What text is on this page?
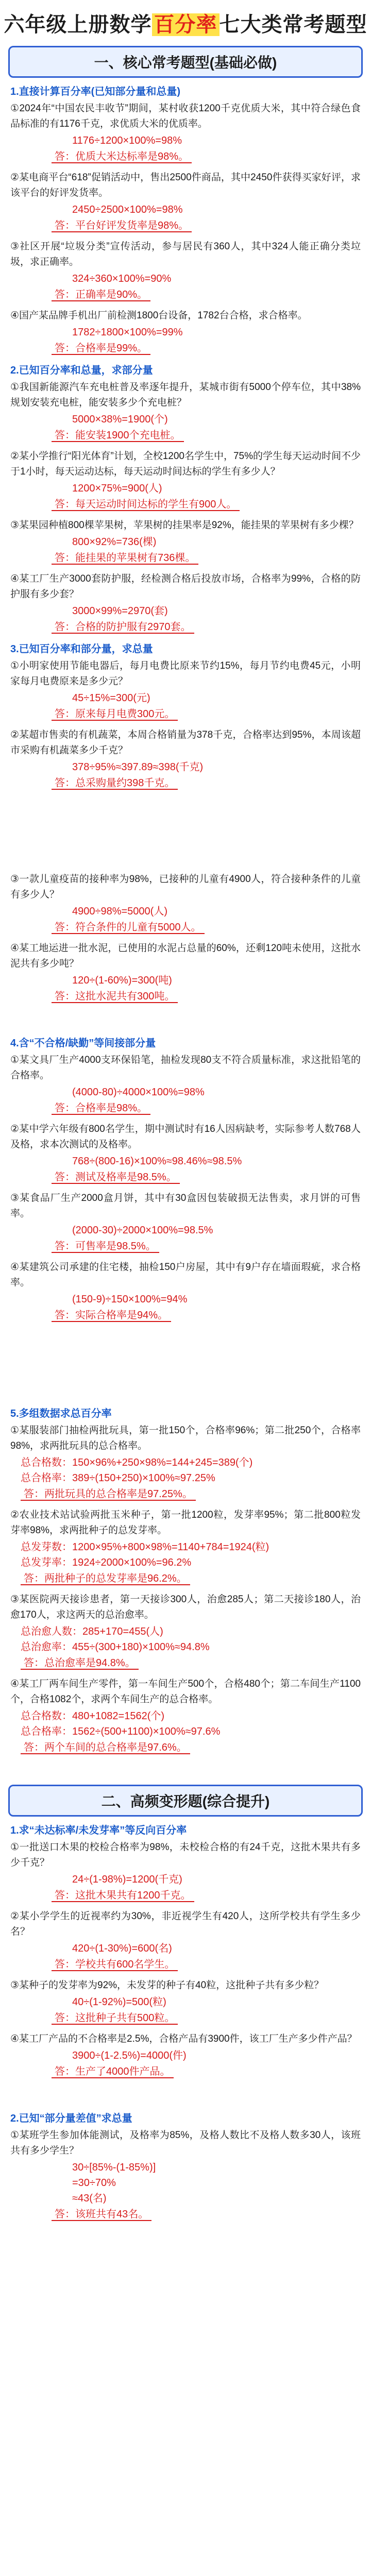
六年级上册数学 百分率 七大类常考题型
一、核心常考题型(基础必做)
1.直接计算百分率(已知部分量和总量)
①2024年“中国农民丰收节”期间，某村收获1200千克优质大米，其中符合绿色食品标准的有1176千克，求优质大米的优质率。
1176÷1200×100%=98%
答：优质大米达标率是98%。
②某电商平台“618”促销活动中，售出2500件商品，其中2450件获得买家好评，求该平台的好评发货率。
2450÷2500×100%=98%
答：平台好评发货率是98%。
③社区开展“垃圾分类”宣传活动，参与居民有360人，其中324人能正确分类垃圾，求正确率。
324÷360×100%=90%
答：正确率是90%。
④国产某品牌手机出厂前检测1800台设备，1782台合格，求合格率。
1782÷1800×100%=99%
答：合格率是99%。
2.已知百分率和总量，求部分量
①我国新能源汽车充电桩普及率逐年提升，某城市街有5000个停车位，其中38%规划安装充电桩，能安装多少个充电桩？
5000×38%=1900(个)
答：能安装1900个充电桩。
②某小学推行“阳光体育”计划，全校1200名学生中，75%的学生每天运动时间不少于1小时，每天运动达标，每天运动时间达标的学生有多少人？
1200×75%=900(人)
答：每天运动时间达标的学生有900人。
③某果园种植800棵苹果树，苹果树的挂果率是92%，能挂果的苹果树有多少棵？
800×92%=736(棵)
答：能挂果的苹果树有736棵。
④某工厂生产3000套防护服，经检测合格后投放市场，合格率为99%，合格的防护服有多少套？
3000×99%=2970(套)
答：合格的防护服有2970套。
3.已知百分率和部分量，求总量
①小明家使用节能电器后，每月电费比原来节约15%，每月节约电费45元，小明家每月电费原来是多少元？
45÷15%=300(元)
答：原来每月电费300元。
②某超市售卖的有机蔬菜，本周合格销量为378千克，合格率达到95%，本周该超市采购有机蔬菜多少千克？
378÷95%≈397.89≈398(千克)
答：总采购量约398千克。
③一款儿童疫苗的接种率为98%，已接种的儿童有4900人，符合接种条件的儿童有多少人？
4900÷98%=5000(人)
答：符合条件的儿童有5000人。
④某工地运进一批水泥，已使用的水泥占总量的60%，还剩120吨未使用，这批水泥共有多少吨？
120÷(1-60%)=300(吨)
答：这批水泥共有300吨。
4.含“不合格/缺勤”等间接部分量
①某文具厂生产4000支环保铅笔，抽检发现80支不符合质量标准，求这批铅笔的合格率。
(4000-80)÷4000×100%=98%
答：合格率是98%。
②某中学六年级有800名学生，期中测试时有16人因病缺考，实际参考人数768人及格，求本次测试的及格率。
768÷(800-16)×100%≈98.46%≈98.5%
答：测试及格率是98.5%。
③某食品厂生产2000盒月饼，其中有30盒因包装破损无法售卖，求月饼的可售率。
(2000-30)÷2000×100%=98.5%
答：可售率是98.5%。
④某建筑公司承建的住宅楼，抽检150户房屋，其中有9户存在墙面瑕疵，求合格率。
(150-9)÷150×100%=94%
答：实际合格率是94%。
5.多组数据求总百分率
①某服装部门抽检两批玩具，第一批150个，合格率96%；第二批250个，合格率98%，求两批玩具的总合格率。
总合格数：150×96%+250×98%=144+245=389(个)
总合格率：389÷(150+250)×100%≈97.25%
答：两批玩具的总合格率是97.25%。
②农业技术站试验两批玉米种子，第一批1200粒，发芽率95%；第二批800粒发芽率98%，求两批种子的总发芽率。
总发芽数：1200×95%+800×98%=1140+784=1924(粒)
总发芽率：1924÷2000×100%=96.2%
答：两批种子的总发芽率是96.2%。
③某医院两天接诊患者，第一天接诊300人，治愈285人；第二天接诊180人，治愈170人，求这两天的总治愈率。
总治愈人数：285+170=455(人)
总治愈率：455÷(300+180)×100%≈94.8%
答：总治愈率是94.8%。
④某工厂两车间生产零件，第一车间生产500个，合格480个；第二车间生产1100个，合格1082个，求两个车间生产的总合格率。
总合格数：480+1082=1562(个)
总合格率：1562÷(500+1100)×100%≈97.6%
答：两个车间的总合格率是97.6%。
二、高频变形题(综合提升)
1.求“未达标率/未发芽率”等反向百分率
①一批送口木果的校检合格率为98%，未校检合格的有24千克，这批木果共有多少千克？
24÷(1-98%)=1200(千克)
答：这批木果共有1200千克。
②某小学学生的近视率约为30%，非近视学生有420人，这所学校共有学生多少名？
420÷(1-30%)=600(名)
答：学校共有600名学生。
③某种子的发芽率为92%，未发芽的种子有40粒，这批种子共有多少粒？
40÷(1-92%)=500(粒)
答：这批种子共有500粒。
④某工厂产品的不合格率是2.5%，合格产品有3900件，该工厂生产多少件产品？
3900÷(1-2.5%)=4000(件)
答：生产了4000件产品。
2.已知“部分量差值”求总量
①某班学生参加体能测试，及格率为85%，及格人数比不及格人数多30人，该班共有多少学生？
30÷[85%-(1-85%)]
=30÷70%
≈43(名)
答：该班共有43名。
